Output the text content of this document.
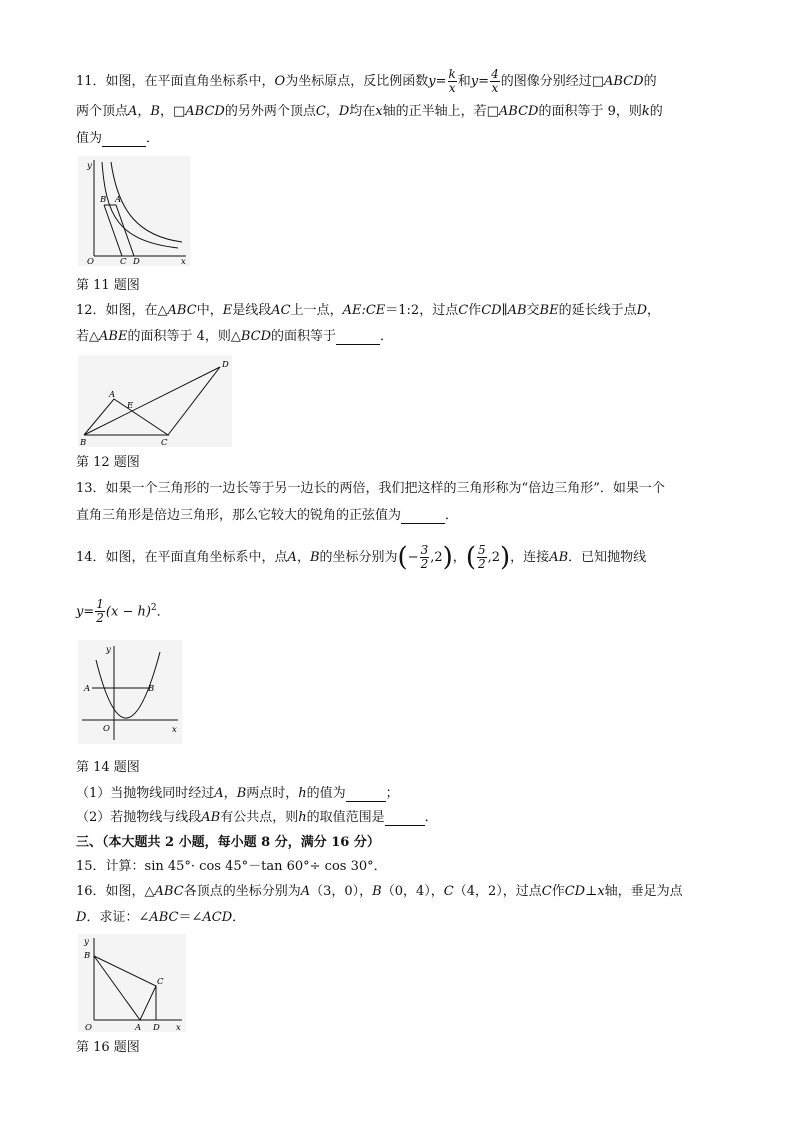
11．如图，在平面直角坐标系中，O为坐标原点，反比例函数$y= \frac{k}{x}$ 和$y= \frac{4}{x}$ 的图像分别经过□ABCD的
两个顶点A，B，□ABCD的另外两个顶点C，D均在x轴的正半轴上，若□ABCD的面积等于 9，则k的
值为	．
y
B A
O	C D	x
第 11 题图
12．如图，在△ABC中，E是线段AC上一点，AE:CE＝1:2，过点C作CD∥AB交BE的延长线于点D，
若△ABE的面积等于 4，则△BCD的面积等于	．
A
E
B	C
D
第 12 题图
13．如果一个三角形的一边长等于另一边长的两倍，我们把这样的三角形称为“倍边三角形”．如果一个
直角三角形是倍边三角形，那么它较大的锐角的正弦值为	．
14．如图，在平面直角坐标系中，点A，B的坐标分别为(− $\frac{3}{2} ,2$)，( $\frac{5}{2} ,2$)，连接AB．已知抛物线
$y= \frac{1}{2} (x - h)^2$．
y
A	B
O	x
第 14 题图
（1）当抛物线同时经过A，B两点时，h的值为	；
（2）若抛物线与线段AB有公共点，则h的取值范围是	．
三、（本大题共 2 小题，每小题 8 分，满分 16 分）
15．计算：sin 45°· cos 45°－tan 60°÷ cos 30°．
16．如图，△ABC各顶点的坐标分别为A（3，0），B（0，4），C（4，2），过点C作CD⊥x轴，垂足为点
D．求证：∠ABC＝∠ACD．
y
B
C
O	A D x
第 16 题图
